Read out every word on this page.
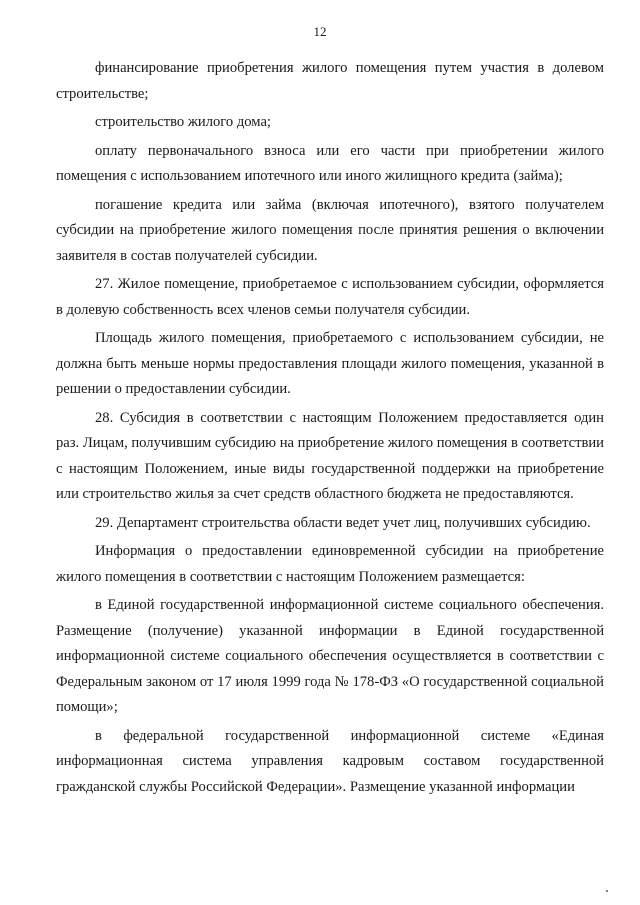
12

финансирование приобретения жилого помещения путем участия в долевом строительстве;

строительство жилого дома;

оплату первоначального взноса или его части при приобретении жилого помещения с использованием ипотечного или иного жилищного кредита (займа);

погашение кредита или займа (включая ипотечного), взятого получателем субсидии на приобретение жилого помещения после принятия решения о включении заявителя в состав получателей субсидии.

27. Жилое помещение, приобретаемое с использованием субсидии, оформляется в долевую собственность всех членов семьи получателя субсидии.

Площадь жилого помещения, приобретаемого с использованием субсидии, не должна быть меньше нормы предоставления площади жилого помещения, указанной в решении о предоставлении субсидии.

28. Субсидия в соответствии с настоящим Положением предоставляется один раз. Лицам, получившим субсидию на приобретение жилого помещения в соответствии с настоящим Положением, иные виды государственной поддержки на приобретение или строительство жилья за счет средств областного бюджета не предоставляются.

29. Департамент строительства области ведет учет лиц, получивших субсидию.

Информация о предоставлении единовременной субсидии на приобретение жилого помещения в соответствии с настоящим Положением размещается:

в Единой государственной информационной системе социального обеспечения. Размещение (получение) указанной информации в Единой государственной информационной системе социального обеспечения осуществляется в соответствии с Федеральным законом от 17 июля 1999 года № 178-ФЗ «О государственной социальной помощи»;

в федеральной государственной информационной системе «Единая информационная система управления кадровым составом государственной гражданской службы Российской Федерации». Размещение указанной информации
